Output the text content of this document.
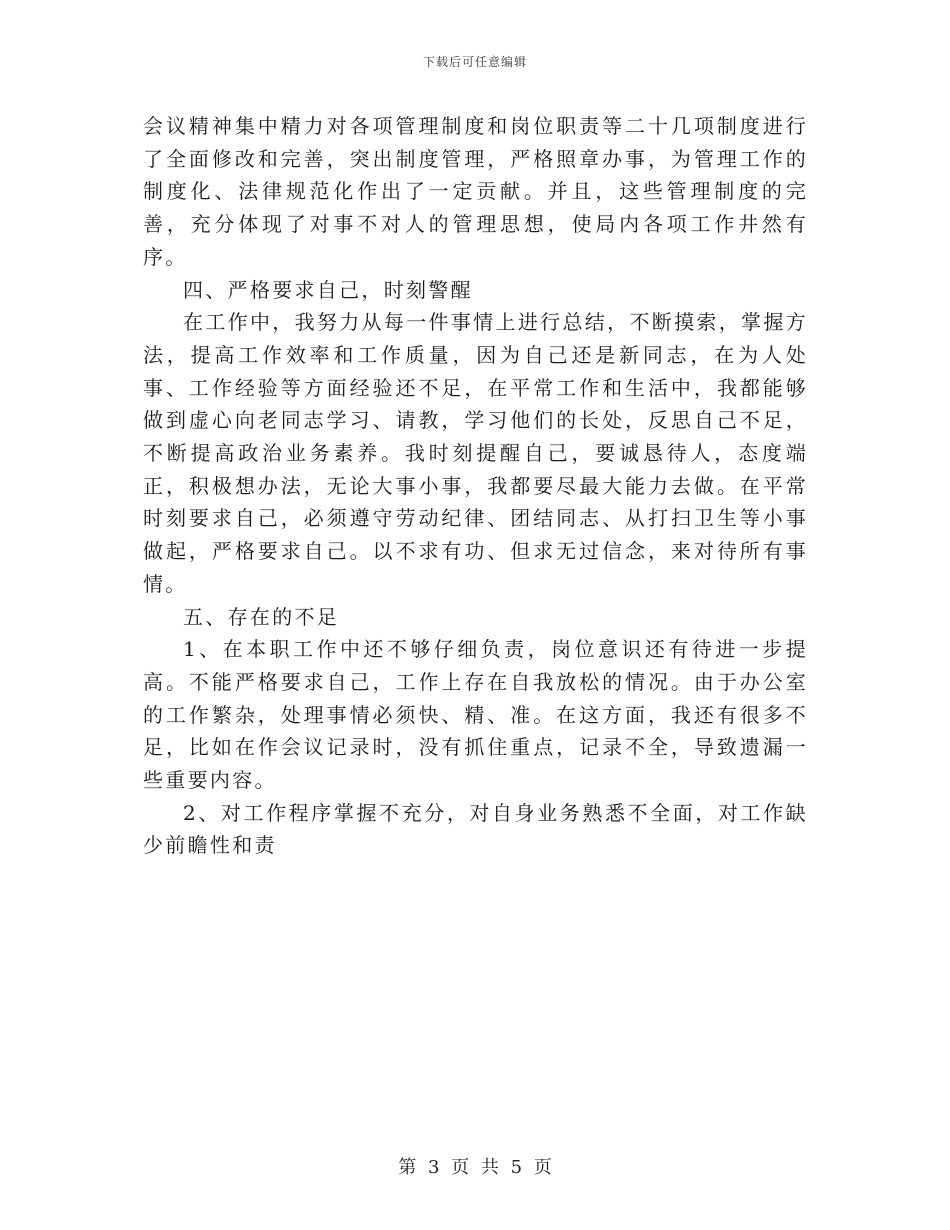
下载后可任意编辑

会议精神集中精力对各项管理制度和岗位职责等二十几项制度进行了全面修改和完善，突出制度管理，严格照章办事，为管理工作的制度化、法律规范化作出了一定贡献。并且，这些管理制度的完善，充分体现了对事不对人的管理思想，使局内各项工作井然有序。

四、严格要求自己，时刻警醒

在工作中，我努力从每一件事情上进行总结，不断摸索，掌握方法，提高工作效率和工作质量，因为自己还是新同志，在为人处事、工作经验等方面经验还不足，在平常工作和生活中，我都能够做到虚心向老同志学习、请教，学习他们的长处，反思自己不足，不断提高政治业务素养。我时刻提醒自己，要诚恳待人，态度端正，积极想办法，无论大事小事，我都要尽最大能力去做。在平常时刻要求自己，必须遵守劳动纪律、团结同志、从打扫卫生等小事做起，严格要求自己。以不求有功、但求无过信念，来对待所有事情。

五、存在的不足

1、在本职工作中还不够仔细负责，岗位意识还有待进一步提高。不能严格要求自己，工作上存在自我放松的情况。由于办公室的工作繁杂，处理事情必须快、精、准。在这方面，我还有很多不足，比如在作会议记录时，没有抓住重点，记录不全，导致遗漏一些重要内容。

2、对工作程序掌握不充分，对自身业务熟悉不全面，对工作缺少前瞻性和责

第 3 页 共 5 页
